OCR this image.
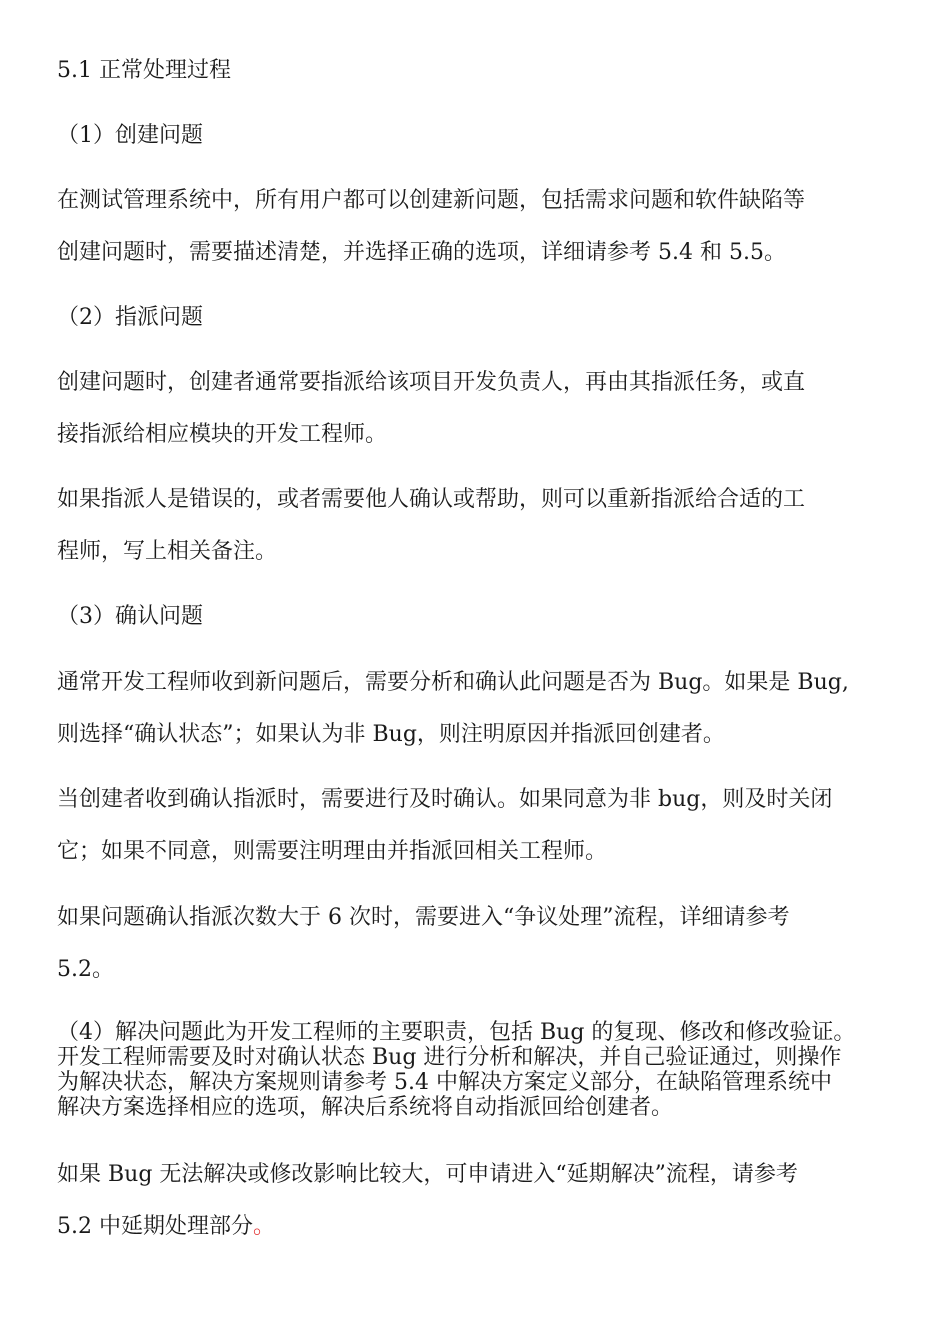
5.1 正常处理过程
（1）创建问题
在测试管理系统中，所有用户都可以创建新问题，包括需求问题和软件缺陷等
创建问题时，需要描述清楚，并选择正确的选项，详细请参考 5.4 和 5.5。
（2）指派问题
创建问题时，创建者通常要指派给该项目开发负责人，再由其指派任务，或直
接指派给相应模块的开发工程师。
如果指派人是错误的，或者需要他人确认或帮助，则可以重新指派给合适的工
程师，写上相关备注。
（3）确认问题
通常开发工程师收到新问题后，需要分析和确认此问题是否为 Bug。如果是 Bug,
则选择“确认状态”；如果认为非 Bug，则注明原因并指派回创建者。
当创建者收到确认指派时，需要进行及时确认。如果同意为非 bug，则及时关闭
它；如果不同意，则需要注明理由并指派回相关工程师。
如果问题确认指派次数大于 6 次时，需要进入“争议处理”流程，详细请参考
5.2。

（4）解决问题此为开发工程师的主要职责，包括 Bug 的复现、修改和修改验证。

开发工程师需要及时对确认状态 Bug 进行分析和解决，并自己验证通过，则操作

为解决状态，解决方案规则请参考 5.4 中解决方案定义部分，在缺陷管理系统中

解决方案选择相应的选项，解决后系统将自动指派回给创建者。

如果 Bug 无法解决或修改影响比较大，可申请进入“延期解决”流程，请参考
5.2 中延期处理部分。
